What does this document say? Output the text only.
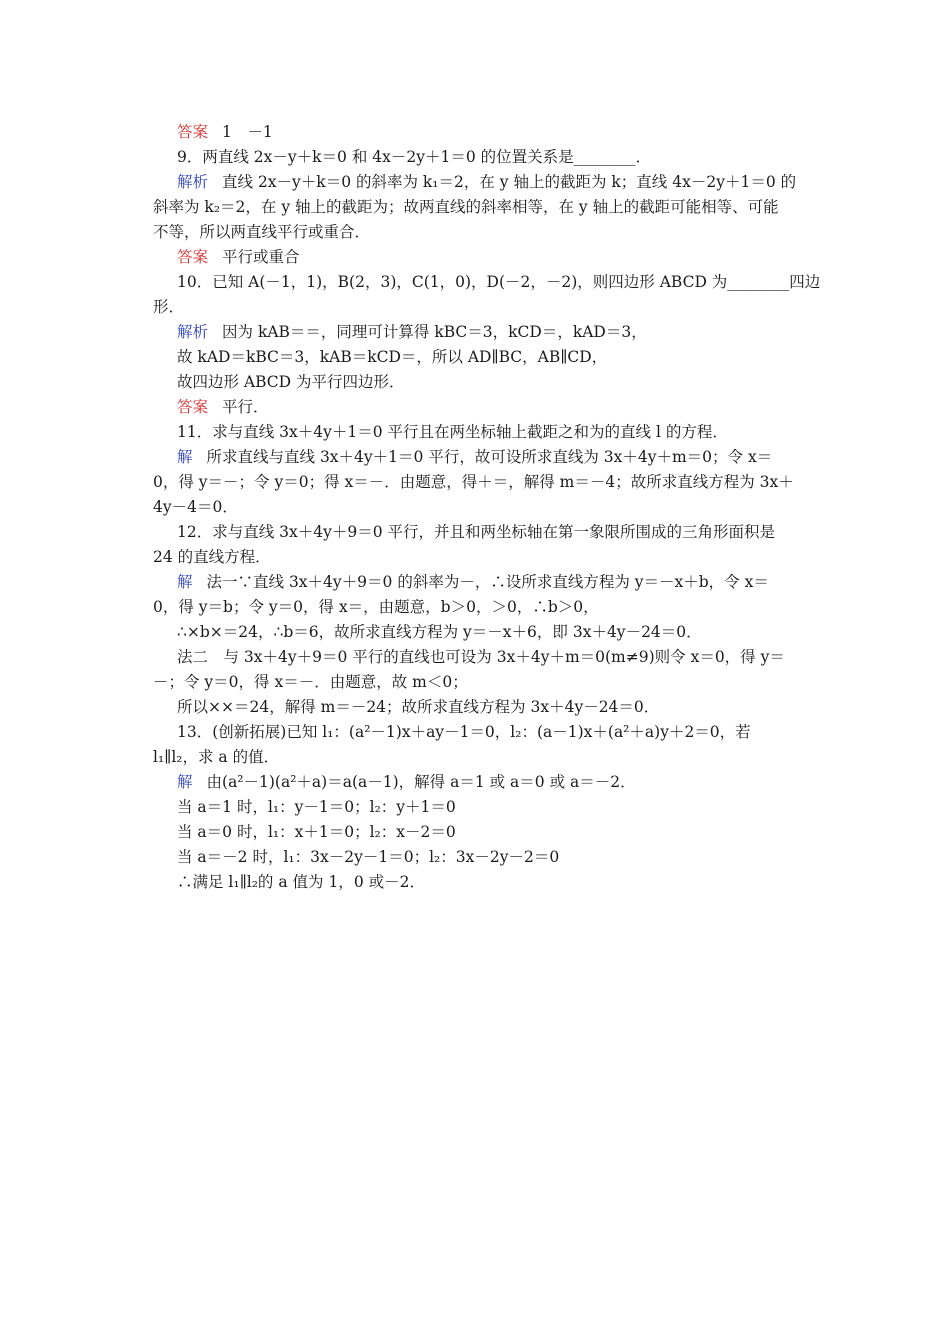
答案 1　－1
9．两直线 2x－y＋k＝0 和 4x－2y＋1＝0 的位置关系是________．
解析 直线 2x－y＋k＝0 的斜率为 k₁＝2，在 y 轴上的截距为 k；直线 4x－2y＋1＝0 的
斜率为 k₂＝2，在 y 轴上的截距为；故两直线的斜率相等，在 y 轴上的截距可能相等、可能
不等，所以两直线平行或重合．
答案 平行或重合
10．已知 A(－1，1)，B(2，3)，C(1，0)，D(－2，－2)，则四边形 ABCD 为________四边
形．
解析 因为 kAB＝＝，同理可计算得 kBC＝3，kCD＝，kAD＝3，
故 kAD＝kBC＝3，kAB＝kCD＝，所以 AD∥BC，AB∥CD，
故四边形 ABCD 为平行四边形．
答案 平行．
11．求与直线 3x＋4y＋1＝0 平行且在两坐标轴上截距之和为的直线 l 的方程．
解 所求直线与直线 3x＋4y＋1＝0 平行，故可设所求直线为 3x＋4y＋m＝0；令 x＝
0，得 y＝－；令 y＝0；得 x＝－．由题意，得＋＝，解得 m＝－4；故所求直线方程为 3x＋
4y－4＝0．
12．求与直线 3x＋4y＋9＝0 平行，并且和两坐标轴在第一象限所围成的三角形面积是
24 的直线方程．
解 法一∵直线 3x＋4y＋9＝0 的斜率为－，∴设所求直线方程为 y＝－x＋b，令 x＝
0，得 y＝b；令 y＝0，得 x＝，由题意，b＞0，＞0，∴b＞0，
∴×b×＝24，∴b＝6，故所求直线方程为 y＝－x＋6，即 3x＋4y－24＝0．
法二　与 3x＋4y＋9＝0 平行的直线也可设为 3x＋4y＋m＝0(m≠9)则令 x＝0，得 y＝
－；令 y＝0，得 x＝－．由题意，故 m＜0；
所以××＝24，解得 m＝－24；故所求直线方程为 3x＋4y－24＝0．
13．(创新拓展)已知 l₁：(a²－1)x＋ay－1＝0，l₂：(a－1)x＋(a²＋a)y＋2＝0，若
l₁∥l₂，求 a 的值．
解 由(a²－1)(a²＋a)＝a(a－1)，解得 a＝1 或 a＝0 或 a＝－2．
当 a＝1 时，l₁：y－1＝0；l₂：y＋1＝0
当 a＝0 时，l₁：x＋1＝0；l₂：x－2＝0
当 a＝－2 时，l₁：3x－2y－1＝0；l₂：3x－2y－2＝0
∴满足 l₁∥l₂的 a 值为 1，0 或－2．
